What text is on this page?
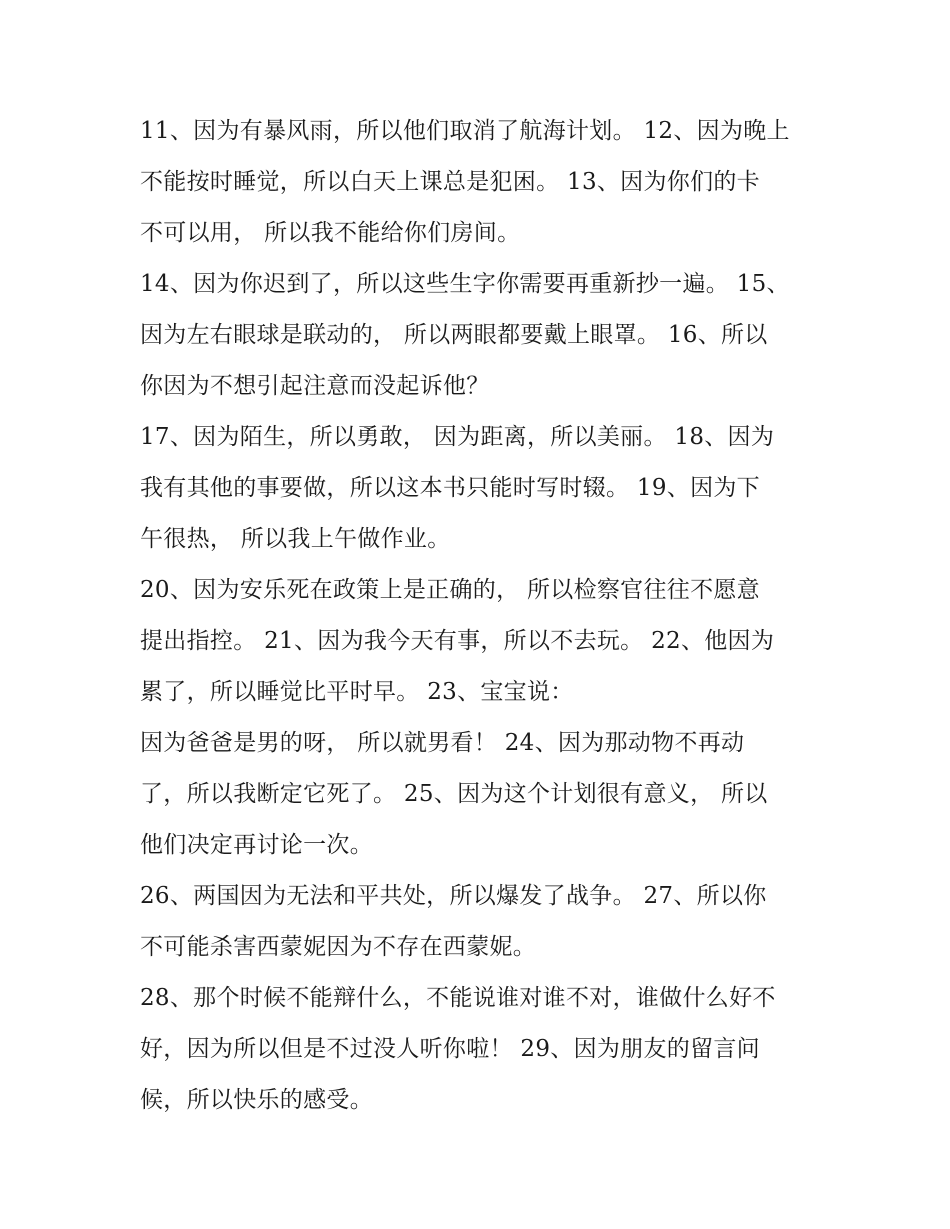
11、因为有暴风雨，所以他们取消了航海计划。 12、因为晚上
不能按时睡觉，所以白天上课总是犯困。 13、因为你们的卡
不可以用， 所以我不能给你们房间。
14、因为你迟到了，所以这些生字你需要再重新抄一遍。 15、
因为左右眼球是联动的， 所以两眼都要戴上眼罩。 16、所以
你因为不想引起注意而没起诉他？
17、因为陌生，所以勇敢， 因为距离，所以美丽。 18、因为
我有其他的事要做，所以这本书只能时写时辍。 19、因为下
午很热， 所以我上午做作业。
20、因为安乐死在政策上是正确的， 所以检察官往往不愿意
提出指控。 21、因为我今天有事，所以不去玩。 22、他因为
累了，所以睡觉比平时早。 23、宝宝说：
因为爸爸是男的呀， 所以就男看！ 24、因为那动物不再动
了，所以我断定它死了。 25、因为这个计划很有意义， 所以
他们决定再讨论一次。
26、两国因为无法和平共处，所以爆发了战争。 27、所以你
不可能杀害西蒙妮因为不存在西蒙妮。
28、那个时候不能辩什么，不能说谁对谁不对，谁做什么好不
好，因为所以但是不过没人听你啦！ 29、因为朋友的留言问
候，所以快乐的感受。
